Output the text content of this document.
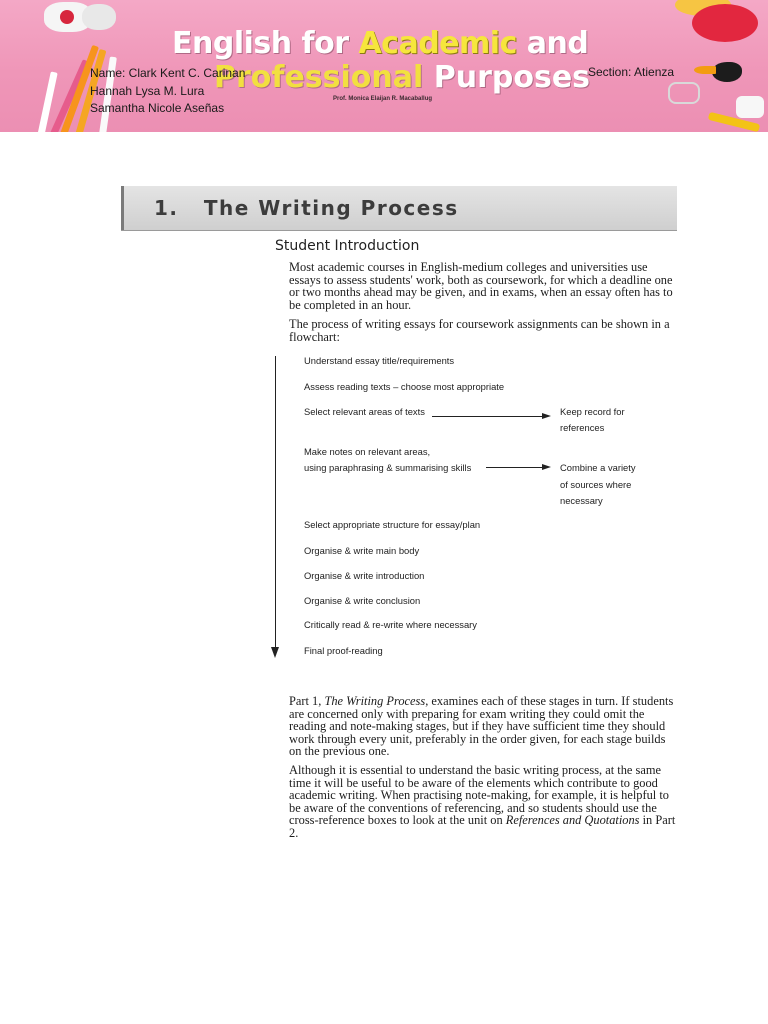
English for Academic and
Professional Purposes
Prof. Monica Elaijan R. Macaballug
Name: Clark Kent C. Carinan
Hannah Lysa M. Lura
Samantha Nicole Aseñas
Section: Atienza
1.   The Writing Process
Student Introduction
Most academic courses in English-medium colleges and universities use essays to assess students' work, both as coursework, for which a deadline one or two months ahead may be given, and in exams, when an essay often has to be completed in an hour.
The process of writing essays for coursework assignments can be shown in a flowchart:
Understand essay title/requirements
Assess reading texts – choose most appropriate
Select relevant areas of texts
Make notes on relevant areas,
using paraphrasing & summarising skills
Select appropriate structure for essay/plan
Organise & write main body
Organise & write introduction
Organise & write conclusion
Critically read & re-write where necessary
Final proof-reading
Keep record for
references
Combine a variety
of sources where
necessary
Part 1, The Writing Process, examines each of these stages in turn. If students are concerned only with preparing for exam writing they could omit the reading and note-making stages, but if they have sufficient time they should work through every unit, preferably in the order given, for each stage builds on the previous one.
Although it is essential to understand the basic writing process, at the same time it will be useful to be aware of the elements which contribute to good academic writing. When practising note-making, for example, it is helpful to be aware of the conventions of referencing, and so students should use the cross-reference boxes to look at the unit on References and Quotations in Part 2.
